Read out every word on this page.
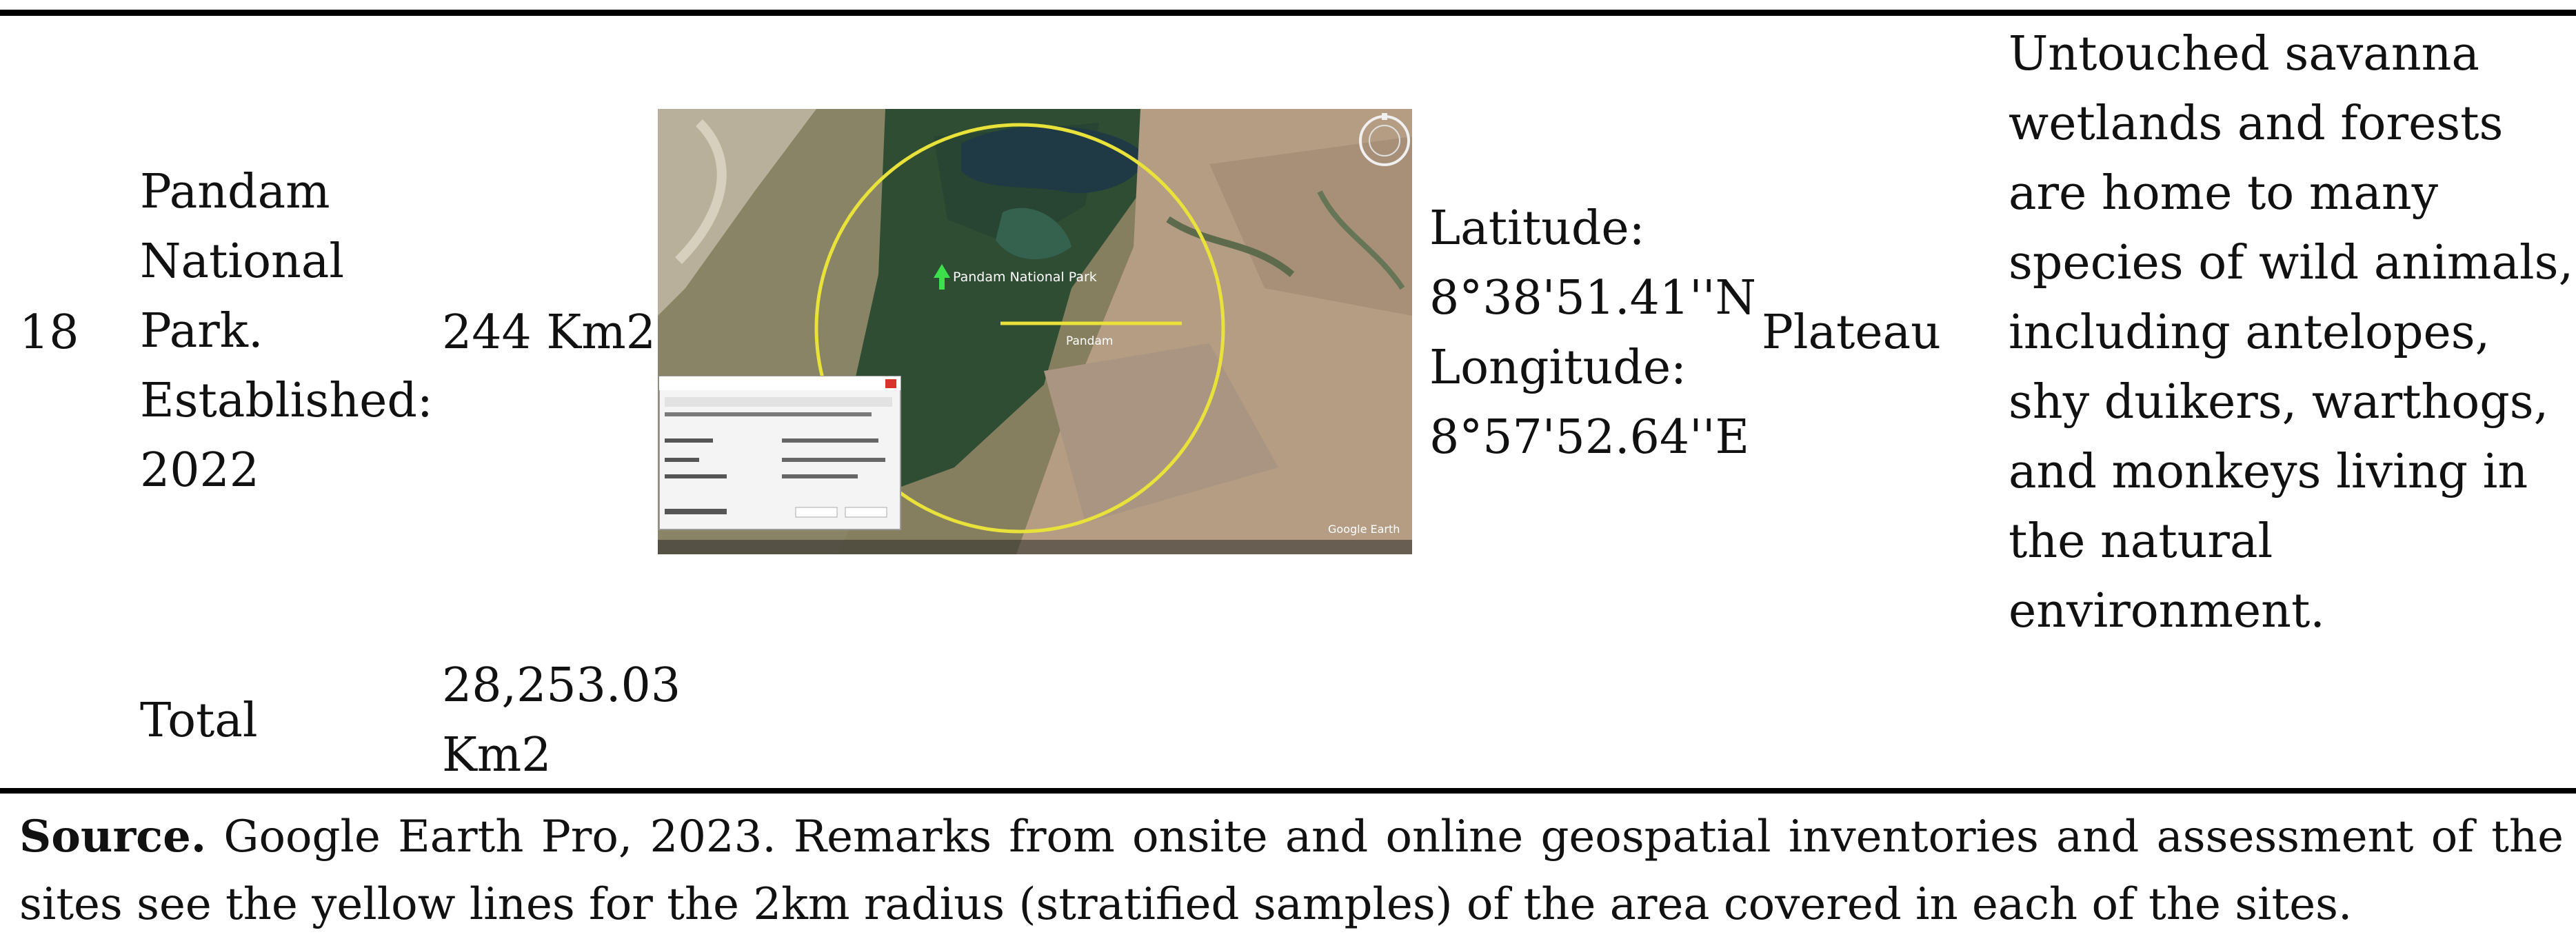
18
Pandam
National
Park.
Established:
2022
244 Km2
Pandam National Park
Pandam
Google Earth
Latitude:
8°38'51.41''N
Longitude:
8°57'52.64''E
Plateau
Untouched savanna
wetlands and forests
are home to many
species of wild animals,
including antelopes,
shy duikers, warthogs,
and monkeys living in
the natural
environment.
Total
28,253.03
Km2
Source. Google Earth Pro, 2023. Remarks from onsite and online geospatial inventories and assessment of the sites see the yellow lines for the 2km radius (stratified samples) of the area covered in each of the sites.
